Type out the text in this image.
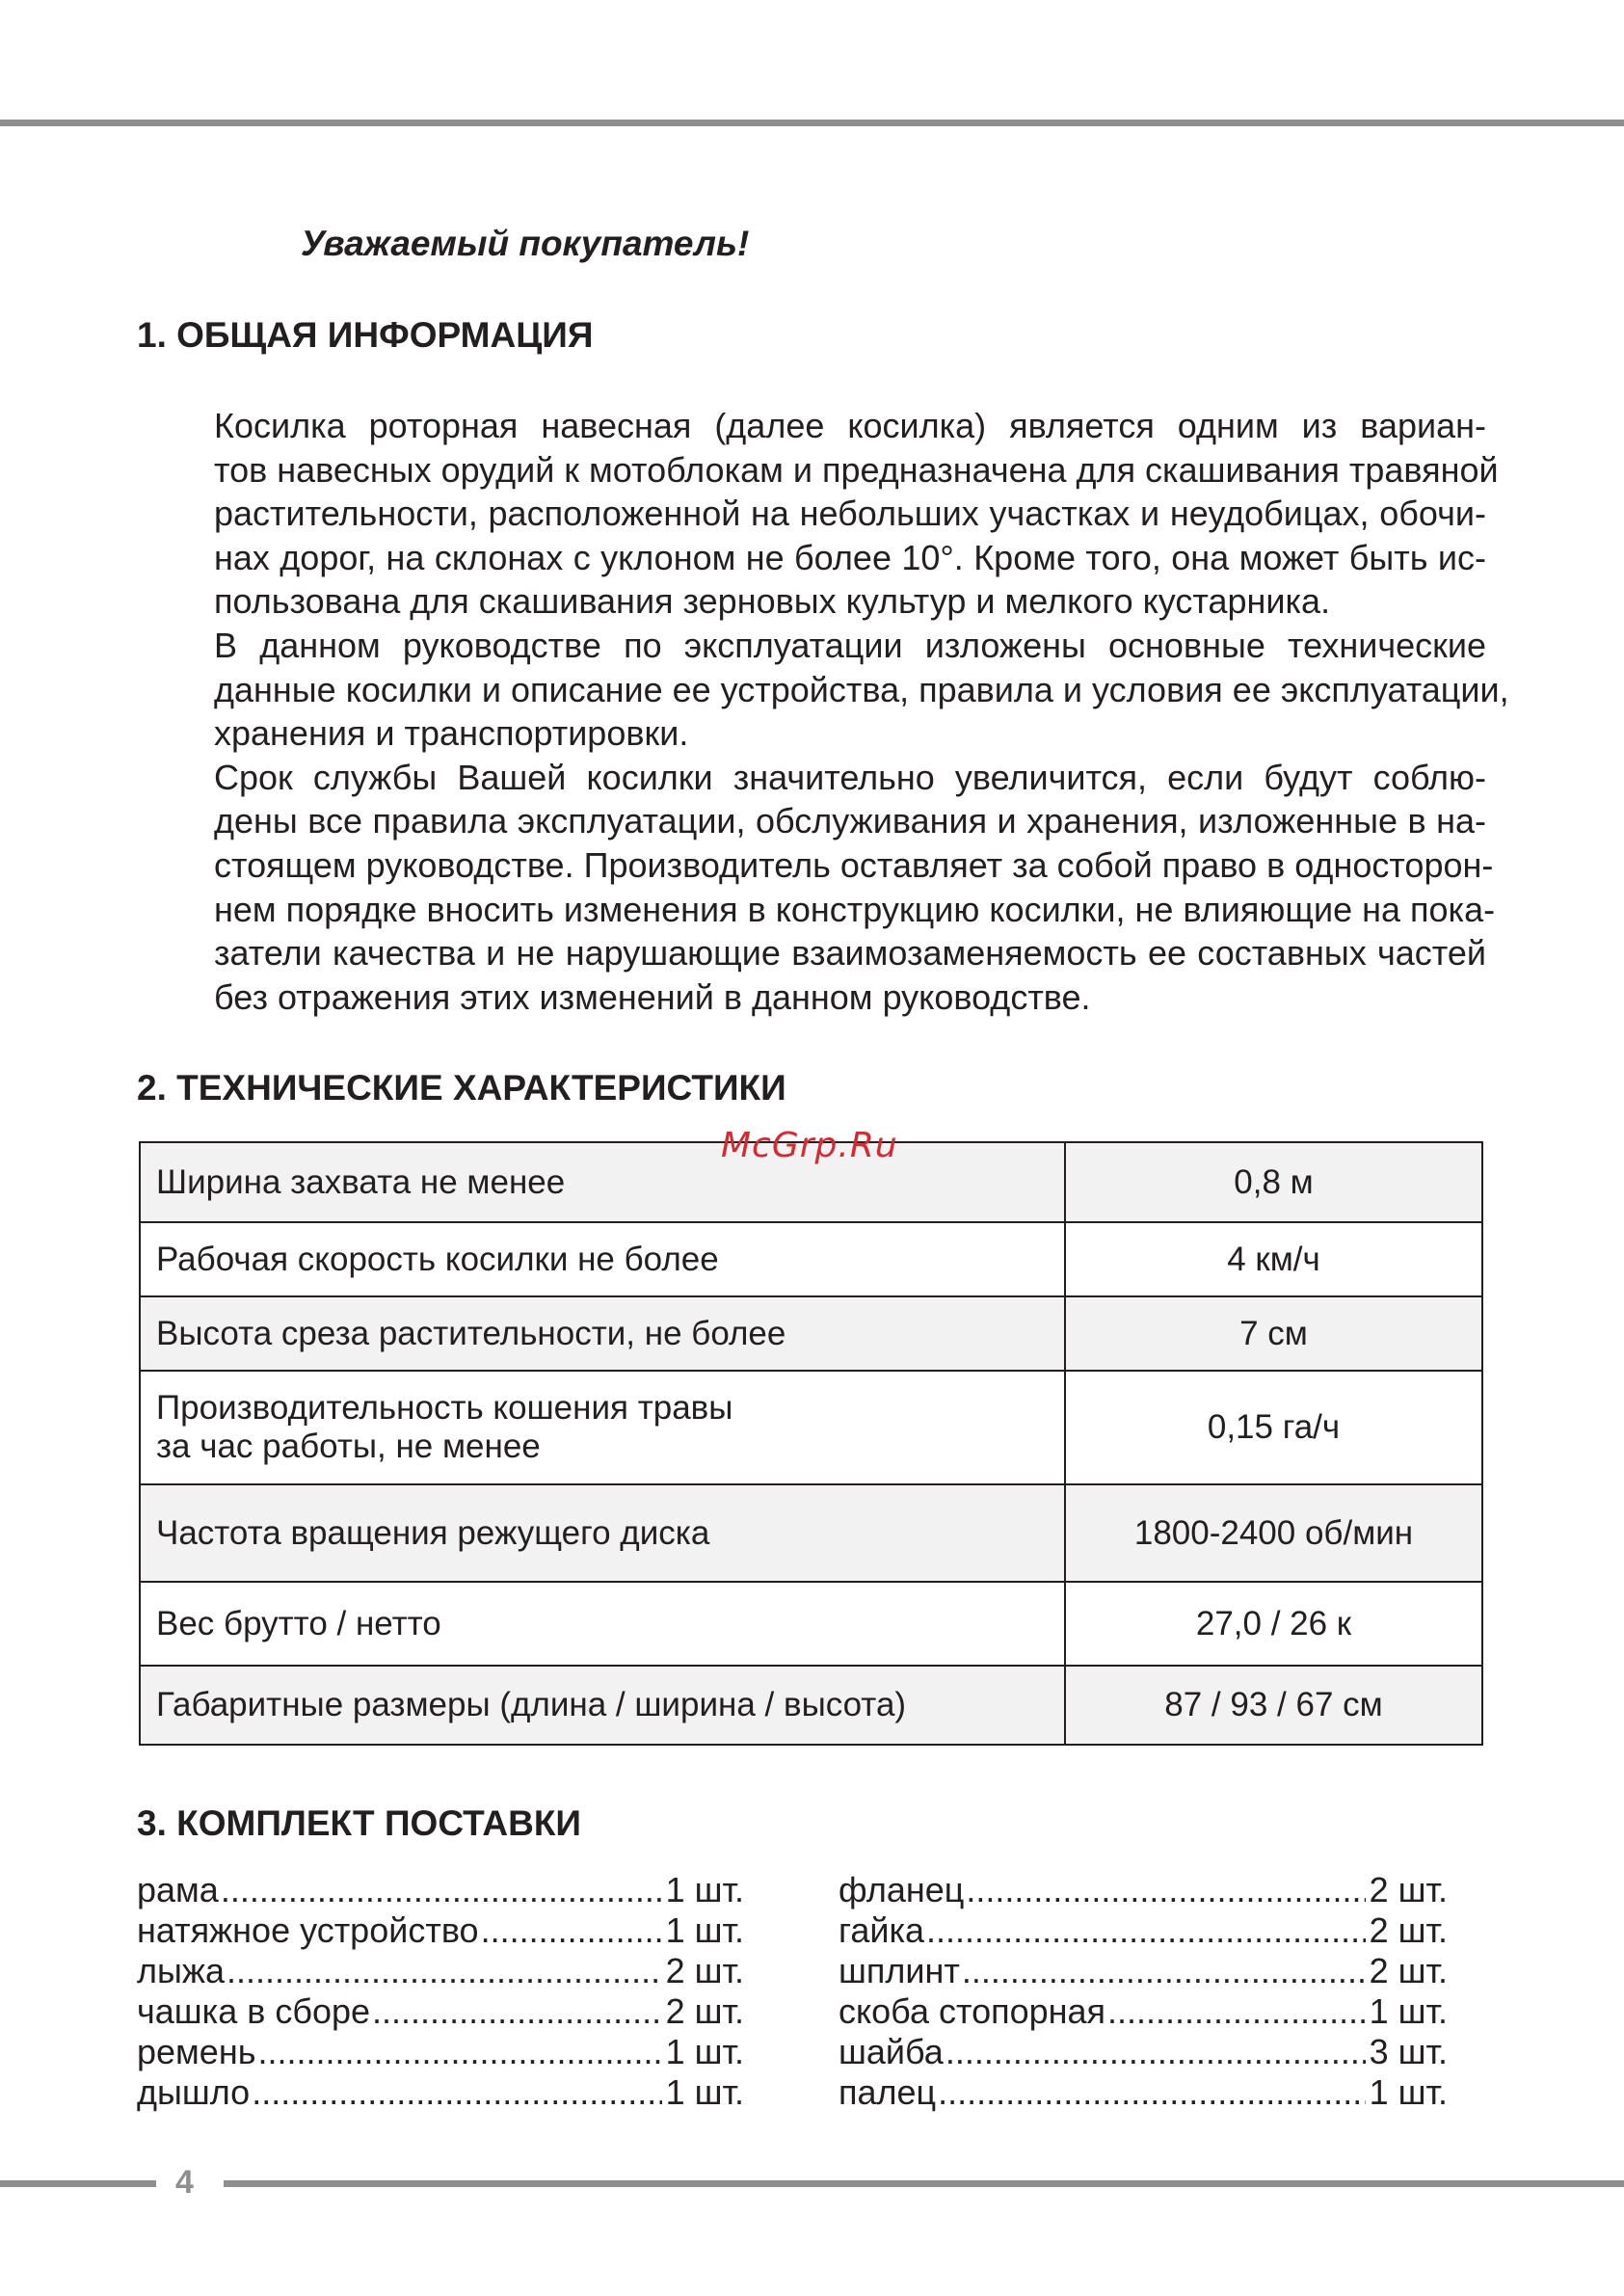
Уважаемый покупатель!
1. ОБЩАЯ ИНФОРМАЦИЯ

Косилка роторная навесная (далее косилка) является одним из вариан-
тов навесных орудий к мотоблокам и предназначена для скашивания травяной
растительности, расположенной на небольших участках и неудобицах, обочи-
нах дорог, на склонах с уклоном не более 10°. Кроме того, она может быть ис-
пользована для скашивания зерновых культур и мелкого кустарника.

В данном руководстве по эксплуатации изложены основные технические
данные косилки и описание ее устройства, правила и условия ее эксплуатации,
хранения и транспортировки.

Срок службы Вашей косилки значительно увеличится, если будут соблю-
дены все правила эксплуатации, обслуживания и хранения, изложенные в на-
стоящем руководстве. Производитель оставляет за собой право в односторон-
нем порядке вносить изменения в конструкцию косилки, не влияющие на пока-
затели качества и не нарушающие взаимозаменяемость ее составных частей
без отражения этих изменений в данном руководстве.

2. ТЕХНИЧЕСКИЕ ХАРАКТЕРИСТИКИ
Ширина захвата не менее	0,8 м

Рабочая скорость косилки не более	4 км/ч

Высота среза растительности, не более	7 см

Производительность кошения травы
за час работы, не менее	0,15 га/ч

Частота вращения режущего диска	1800-2400 об/мин

Вес брутто / нетто	27,0 / 26 к

Габаритные размеры (длина / ширина / высота)	87 / 93 / 67 см

McGrp.Ru

3. КОМПЛЕКТ ПОСТАВКИ
рама .....	1 шт.
натяжное устройство .....	1 шт.
лыжа .....	2 шт.
чашка в сборе .....	2 шт.
ремень .....	1 шт.
дышло .....	1 шт.
фланец .....	2 шт.
гайка .....	2 шт.
шплинт .....	2 шт.
скоба стопорная .....	1 шт.
шайба .....	3 шт.
палец .....	1 шт.

4
